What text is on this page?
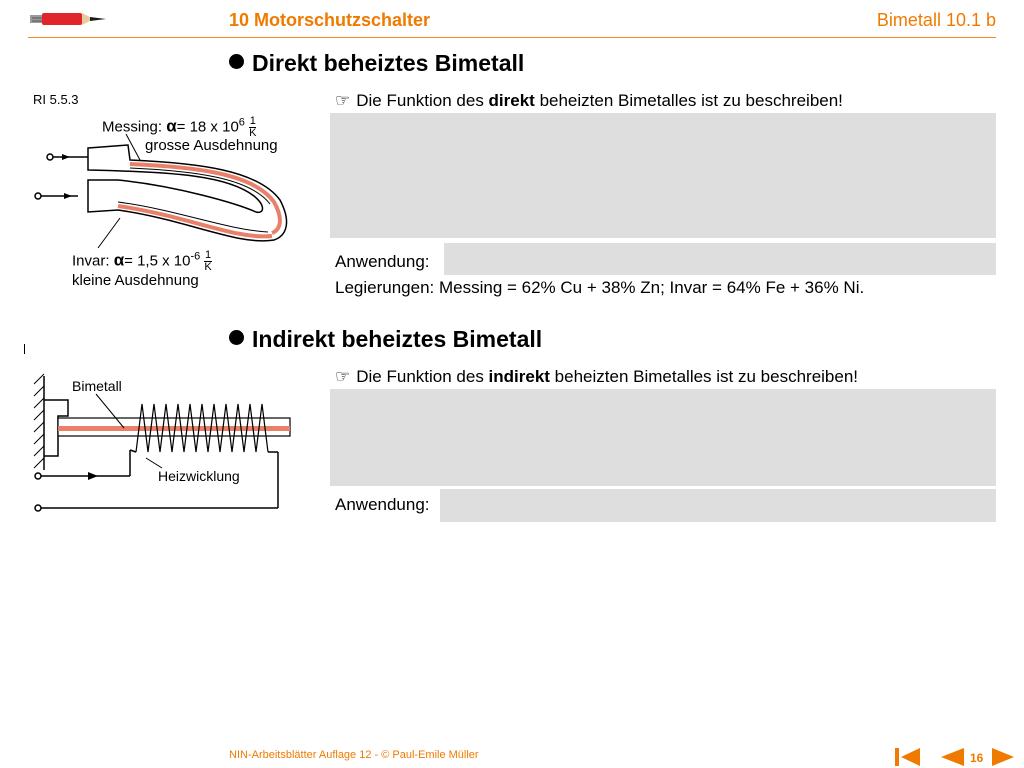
10 Motorschutzschalter	Bimetall 10.1 b
Direkt beheiztes Bimetall
RI 5.5.3
Messing: α= 18 x $10^6 \frac{1}{K}$
grosse Ausdehnung
Invar: α= 1,5 x $10^{-6} \frac{1}{K}$
kleine Ausdehnung
☞ Die Funktion des direkt beheizten Bimetalles ist zu beschreiben!
Anwendung:
Legierungen: Messing = 62% Cu + 38% Zn; Invar = 64% Fe + 36% Ni.
Indirekt beheiztes Bimetall
Bimetall
Heizwicklung
☞ Die Funktion des indirekt beheizten Bimetalles ist zu beschreiben!
Anwendung:
NIN-Arbeitsblätter Auflage 12 - © Paul-Emile Müller	16
